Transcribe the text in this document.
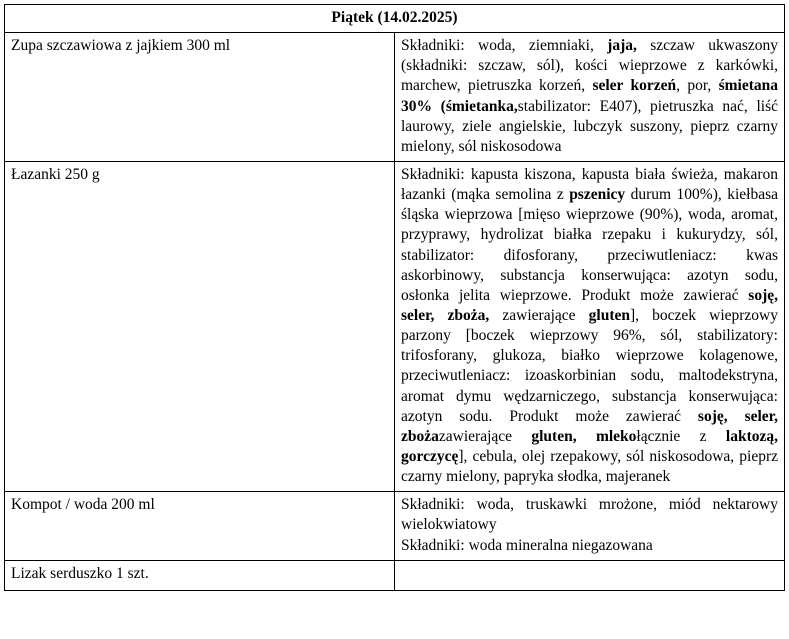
Piątek (14.02.2025)	
Zupa szczawiowa z jajkiem 300 ml	Składniki: woda, ziemniaki, jaja, szczaw ukwaszony (składniki: szczaw, sól), kości wieprzowe z karkówki, marchew, pietruszka korzeń, seler korzeń, por, śmietana 30% (śmietanka,stabilizator: E407), pietruszka nać, liść laurowy, ziele angielskie, lubczyk suszony, pieprz czarny mielony, sól niskosodowa
Łazanki 250 g	Składniki: kapusta kiszona, kapusta biała świeża, makaron łazanki (mąka semolina z pszenicy durum 100%), kiełbasa śląska wieprzowa [mięso wieprzowe (90%), woda, aromat, przyprawy, hydrolizat białka rzepaku i kukurydzy, sól, stabilizator: difosforany, przeciwutleniacz: kwas askorbinowy, substancja konserwująca: azotyn sodu, osłonka jelita wieprzowe. Produkt może zawierać soję, seler, zboża, zawierające gluten], boczek wieprzowy parzony [boczek wieprzowy 96%, sól, stabilizatory: trifosforany, glukoza, białko wieprzowe kolagenowe, przeciwutleniacz: izoaskorbinian sodu, maltodekstryna, aromat dymu wędzarniczego, substancja konserwująca: azotyn sodu. Produkt może zawierać soję, seler, zbożazawierające gluten, mlekołącznie z laktozą, gorczycę], cebula, olej rzepakowy, sól niskosodowa, pieprz czarny mielony, papryka słodka, majeranek
Kompot / woda 200 ml	Składniki: woda, truskawki mrożone, miód nektarowy wielokwiatowy
Składniki: woda mineralna niegazowana
Lizak serduszko 1 szt.	
